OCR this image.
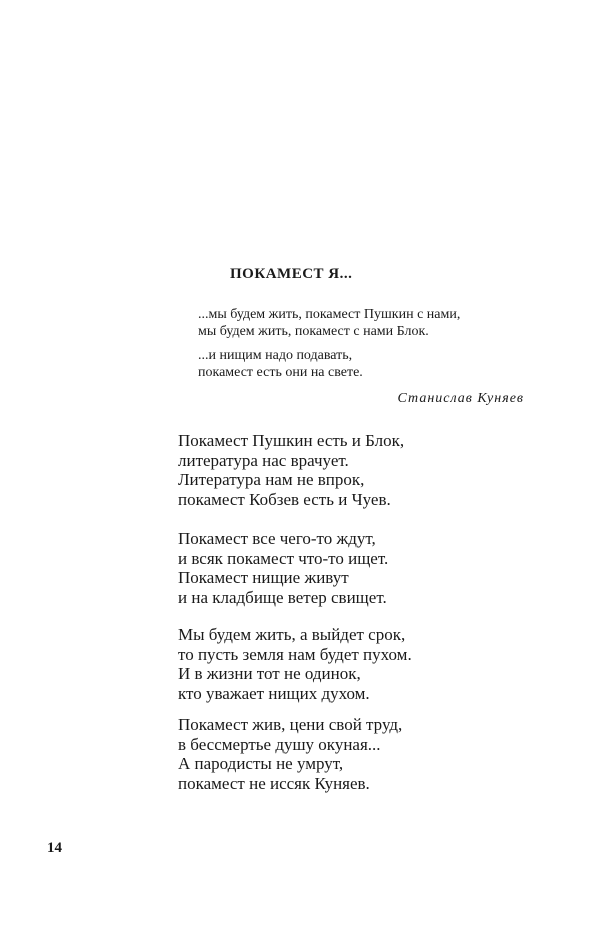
ПОКАМЕСТ Я...
...мы будем жить, покамест Пушкин с нами,
мы будем жить, покамест с нами Блок.
...и нищим надо подавать,
покамест есть они на свете.
Станислав Куняев
Покамест Пушкин есть и Блок,
литература нас врачует.
Литература нам не впрок,
покамест Кобзев есть и Чуев.
Покамест все чего-то ждут,
и всяк покамест что-то ищет.
Покамест нищие живут
и на кладбище ветер свищет.
Мы будем жить, а выйдет срок,
то пусть земля нам будет пухом.
И в жизни тот не одинок,
кто уважает нищих духом.
Покамест жив, цени свой труд,
в бессмертье душу окуная...
А пародисты не умрут,
покамест не иссяк Куняев.
14
